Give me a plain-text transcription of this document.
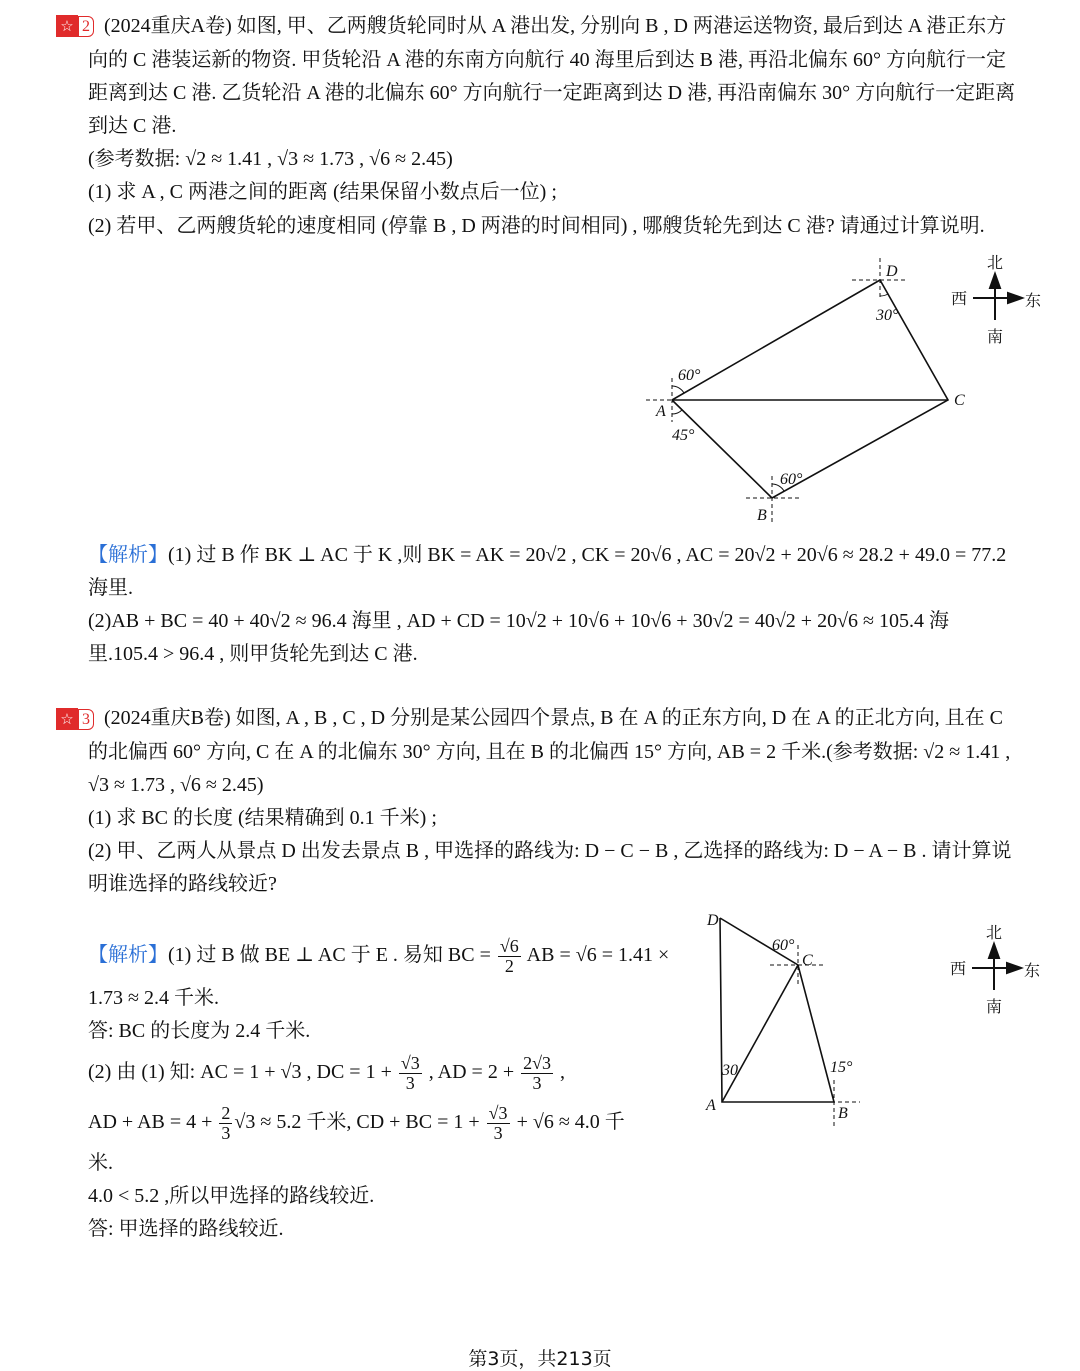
☆ 2 (2024重庆A卷) 如图, 甲、乙两艘货轮同时从 A 港出发, 分别向 B , D 两港运送物资, 最后到达 A 港正东方
向的 C 港装运新的物资. 甲货轮沿 A 港的东南方向航行 40 海里后到达 B 港, 再沿北偏东 60° 方向航行一定
距离到达 C 港. 乙货轮沿 A 港的北偏东 60° 方向航行一定距离到达 D 港, 再沿南偏东 30° 方向航行一定距离
到达 C 港.
(参考数据: √2 ≈ 1.41 , √3 ≈ 1.73 , √6 ≈ 2.45)
(1) 求 A , C 两港之间的距离 (结果保留小数点后一位) ;
(2) 若甲、乙两艘货轮的速度相同 (停靠 B , D 两港的时间相同) , 哪艘货轮先到达 C 港? 请通过计算说明.
D
A
C
B
30°
60°
45°
60°
北
南
西	东
D
C
A	B
60°
30	15°
北
南
西	东
【解析】(1) 过 B 作 BK ⊥ AC 于 K ,则 BK = AK = 20√2 , CK = 20√6 , AC = 20√2 + 20√6 ≈ 28.2 + 49.0 = 77.2
海里.
(2)AB + BC = 40 + 40√2 ≈ 96.4 海里 , AD + CD = 10√2 + 10√6 + 10√6 + 30√2 = 40√2 + 20√6 ≈ 105.4 海
里.105.4 > 96.4 , 则甲货轮先到达 C 港.
☆ 3 (2024重庆B卷) 如图, A , B , C , D 分别是某公园四个景点, B 在 A 的正东方向, D 在 A 的正北方向, 且在 C
的北偏西 60° 方向, C 在 A 的北偏东 30° 方向, 且在 B 的北偏西 15° 方向, AB = 2 千米.(参考数据: √2 ≈ 1.41 ,
√3 ≈ 1.73 , √6 ≈ 2.45)
(1) 求 BC 的长度 (结果精确到 0.1 千米) ;
(2) 甲、乙两人从景点 D 出发去景点 B , 甲选择的路线为: D − C − B , 乙选择的路线为: D − A − B . 请计算说
明谁选择的路线较近?
【解析】(1) 过 B 做 BE ⊥ AC 于 E . 易知 BC = $\frac{√6}{2}$ AB = √6 = 1.41 ×
1.73 ≈ 2.4 千米.
答: BC 的长度为 2.4 千米.
(2) 由 (1) 知: AC = 1 + √3 , DC = $1 + \frac{√3}{3}$ , AD = $2 + \frac{2√3}{3}$ ,
AD + AB = $4 + \frac{2}{3} √3 \approx 5.2$ 千米, CD + BC = $1 + \frac{√3}{3} + √6 \approx 4.0$ 千
米.
4.0 < 5.2 ,所以甲选择的路线较近.
答: 甲选择的路线较近.
第3页，共213页
